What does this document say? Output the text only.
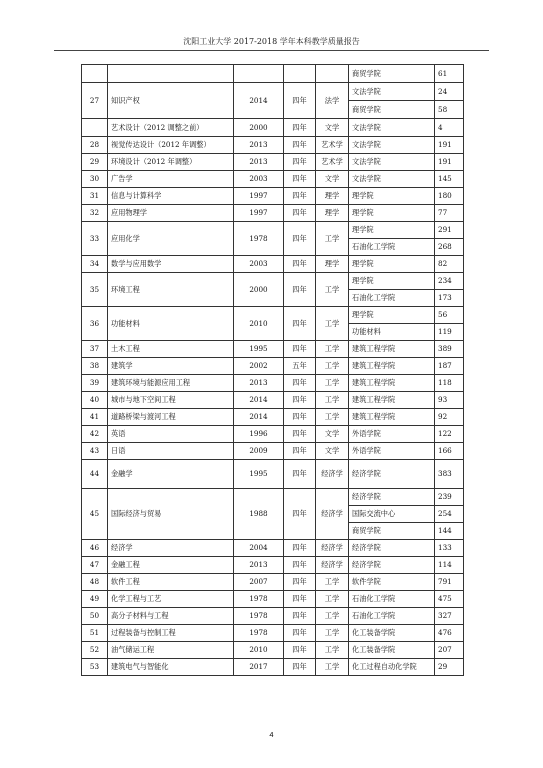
沈阳工业大学 2017-2018 学年本科教学质量报告
					商贸学院	61
27	知识产权	2014	四年	法学	文法学院	24
					商贸学院	58
	艺术设计（2012 调整之前）	2000	四年	文学	文法学院	4
28	视觉传达设计（2012 年调整）	2013	四年	艺术学	文法学院	191
29	环境设计（2012 年调整）	2013	四年	艺术学	文法学院	191
30	广告学	2003	四年	文学	文法学院	145
31	信息与计算科学	1997	四年	理学	理学院	180
32	应用物理学	1997	四年	理学	理学院	77
33	应用化学	1978	四年	工学	理学院	291
					石油化工学院	268
34	数学与应用数学	2003	四年	理学	理学院	82
35	环境工程	2000	四年	工学	理学院	234
					石油化工学院	173
36	功能材料	2010	四年	工学	理学院	56
					功能材料	119
37	土木工程	1995	四年	工学	建筑工程学院	389
38	建筑学	2002	五年	工学	建筑工程学院	187
39	建筑环境与能源应用工程	2013	四年	工学	建筑工程学院	118
40	城市与地下空间工程	2014	四年	工学	建筑工程学院	93
41	道路桥梁与渡河工程	2014	四年	工学	建筑工程学院	92
42	英语	1996	四年	文学	外语学院	122
43	日语	2009	四年	文学	外语学院	166
44	金融学	1995	四年	经济学	经济学院	383
45	国际经济与贸易	1988	四年	经济学	经济学院	239
					国际交流中心	254
					商贸学院	144
46	经济学	2004	四年	经济学	经济学院	133
47	金融工程	2013	四年	经济学	经济学院	114
48	软件工程	2007	四年	工学	软件学院	791
49	化学工程与工艺	1978	四年	工学	石油化工学院	475
50	高分子材料与工程	1978	四年	工学	石油化工学院	327
51	过程装备与控制工程	1978	四年	工学	化工装备学院	476
52	油气储运工程	2010	四年	工学	化工装备学院	207
53	建筑电气与智能化	2017	四年	工学	化工过程自动化学院	29
4
